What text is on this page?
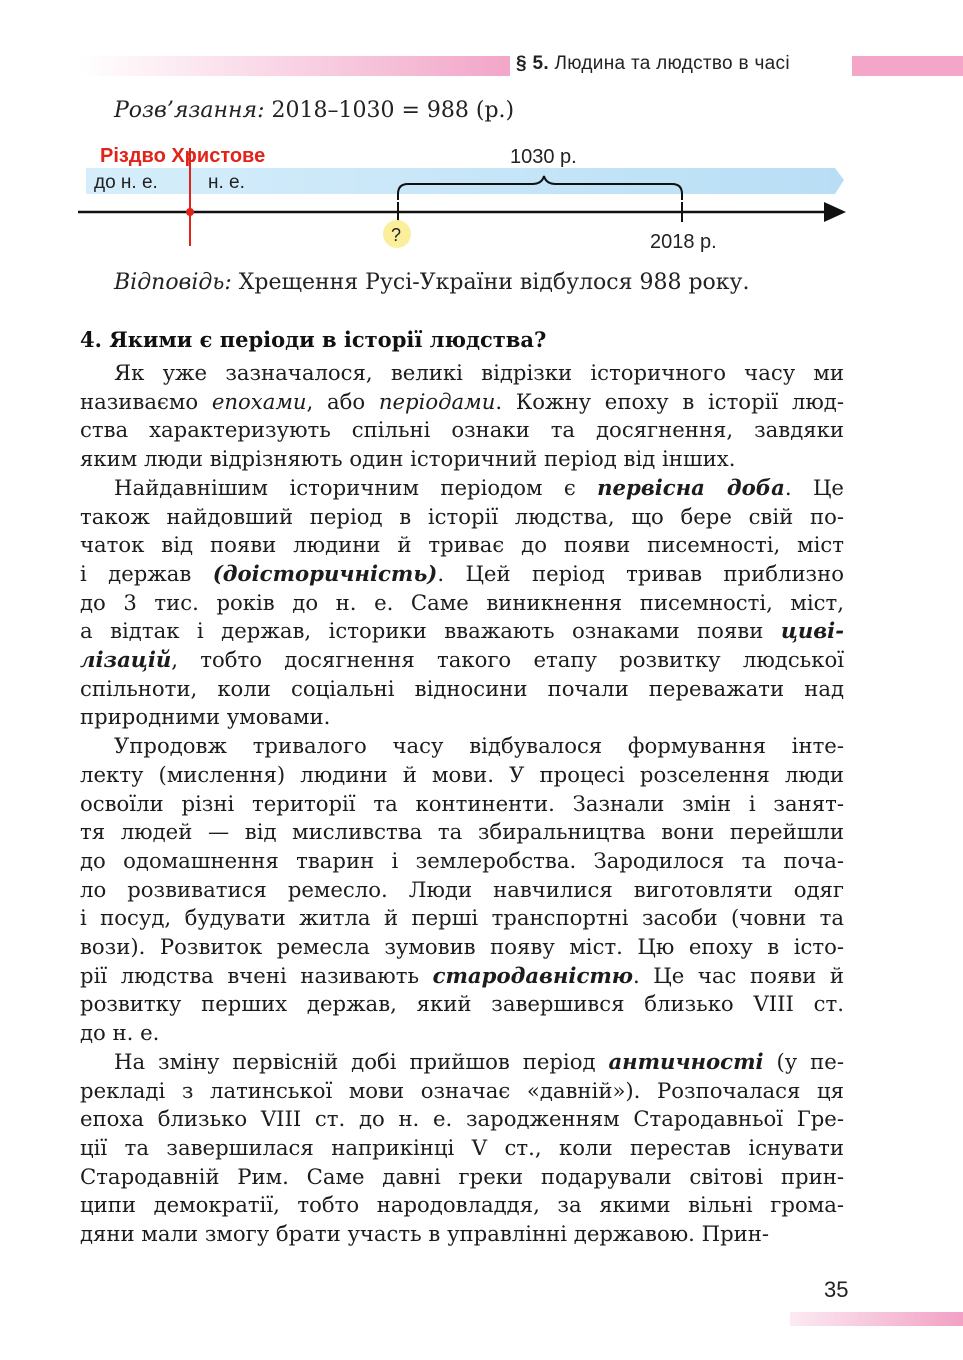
§ 5. Людина та людство в часі
Розв’язання: 2018–1030 = 988 (р.)
Різдво Христове
до н. е.	н. е.
1030 р.
?	2018 р.
Відповідь: Хрещення Русі-України відбулося 988 року.
4. Якими є періоди в історії людства?
Як уже зазначалося, великі відрізки історичного часу ми
називаємо епохами, або періодами. Кожну епоху в історії люд-
ства характеризують спільні ознаки та досягнення, завдяки
яким люди відрізняють один історичний період від інших.
Найдавнішим історичним періодом є первісна доба. Це
також найдовший період в історії людства, що бере свій по-
чаток від появи людини й триває до появи писемності, міст
і держав (доісторичність). Цей період тривав приблизно
до 3 тис. років до н. е. Саме виникнення писемності, міст,
а відтак і держав, історики вважають ознаками появи циві-
лізацій, тобто досягнення такого етапу розвитку людської
спільноти, коли соціальні відносини почали переважати над
природними умовами.
Упродовж тривалого часу відбувалося формування інте-
лекту (мислення) людини й мови. У процесі розселення люди
освоїли різні території та континенти. Зазнали змін і занят-
тя людей — від мисливства та збиральництва вони перейшли
до одомашнення тварин і землеробства. Зародилося та почa-
ло розвиватися ремесло. Люди навчилися виготовляти одяг
і посуд, будувати житла й перші транспортні засоби (човни та
вози). Розвиток ремесла зумовив появу міст. Цю епоху в істо-
рії людства вчені називають стародавністю. Це час появи й
розвитку перших держав, який завершився близько VIII ст.
до н. е.
На зміну первісній добі прийшов період античності (у пе-
рекладі з латинської мови означає «давній»). Розпочалася ця
епоха близько VIII ст. до н. е. зародженням Стародавньої Гре-
ції та завершилася наприкінці V ст., коли перестав існувати
Стародавній Рим. Саме давні греки подарували світові прин-
ципи демократії, тобто народовладдя, за якими вільні грома-
дяни мали змогу брати участь в управлінні державою. Прин-
35
